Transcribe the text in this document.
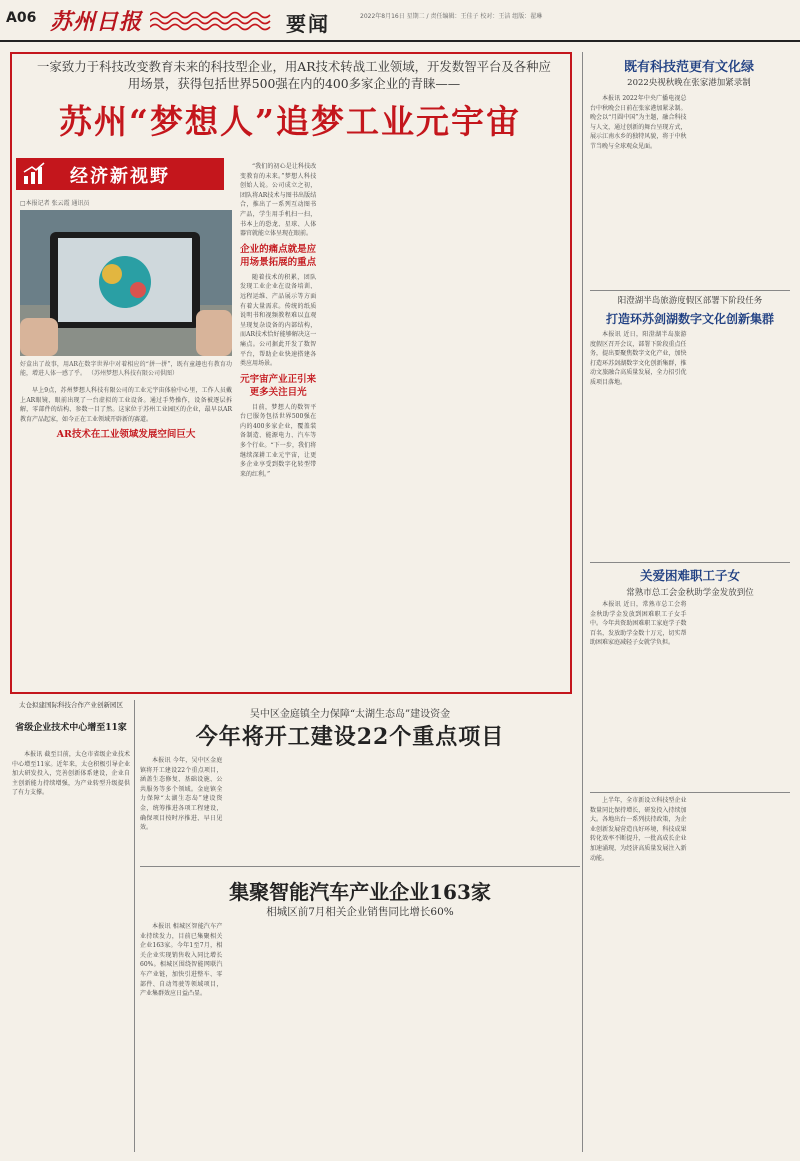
A06 苏州日报	要闻	2022年8月16日 星期二 / 责任编辑：王佳子 校对：王洁 组版：翟琳
一家致力于科技改变教育未来的科技型企业，用AR技术转战工业领域，开发数智平台及各种应用场景，获得包括世界500强在内的400多家企业的青睐——
苏州“梦想人”追梦工业元宇宙
经济新视野
□本报记者 张云霞 通讯员
好盒出了故事，用AR在数字世界中对着相应的“拼一拼”，既有童趣也有教育功能，增进人体一感了乎。 （苏州梦想人科技有限公司供图）

早上9点，苏州梦想人科技有限公司的工业元宇宙体验中心里，工作人员戴上AR眼镜，眼前出现了一台虚拟的工业设备。通过手势操作，设备被逐层拆解，零部件的结构、参数一目了然。这家位于苏州工业园区的企业，最早以AR教育产品起家，如今正在工业领域开辟新的赛道。

AR技术在工业领域发展空间巨大

“我们的初心是让科技改变教育的未来。”梦想人科技创始人说。公司成立之初，团队将AR技术与图书出版结合，推出了一系列互动图书产品，学生用手机扫一扫，书本上的恐龙、星球、人体器官就能立体呈现在眼前。

企业的痛点就是应用场景拓展的重点

随着技术的积累，团队发现工业企业在设备培训、远程运维、产品展示等方面有着大量需求。传统的纸质说明书和视频教程难以直观呈现复杂设备的内部结构，而AR技术恰好能够解决这一痛点。公司据此开发了数智平台，帮助企业快速搭建各类应用场景。

元宇宙产业正引来更多关注目光

目前，梦想人的数智平台已服务包括世界500强在内的400多家企业，覆盖装备制造、能源电力、汽车等多个行业。“下一步，我们将继续深耕工业元宇宙，让更多企业享受到数字化转型带来的红利。”

既有科技范更有文化绿
2022央视秋晚在张家港加紧录制

本报讯 2022年中央广播电视总台中秋晚会日前在张家港加紧录制。晚会以“月圆中国”为主题，融合科技与人文，通过创新的舞台呈现方式，展示江南水乡的独特风貌，将于中秋节当晚与全球观众见面。

阳澄湖半岛旅游度假区部署下阶段任务
打造环苏剑湖数字文化创新集群

本报讯 近日，阳澄湖半岛旅游度假区召开会议，部署下阶段重点任务，提出要聚焦数字文化产业，加快打造环苏剑湖数字文化创新集群，推动文旅融合高质量发展，全力招引优质项目落地。

关爱困难职工子女
常熟市总工会金秋助学金发放到位

本报讯 近日，常熟市总工会将金秋助学金发放到困难职工子女手中。今年共资助困难职工家庭学子数百名，发放助学金数十万元，切实帮助困难家庭减轻子女就学负担。

上半年，全市新设立科技型企业数量同比保持增长，研发投入持续加大。各地出台一系列扶持政策，为企业创新发展营造良好环境，科技成果转化效率不断提升，一批高成长企业加速涌现，为经济高质量发展注入新动能。

太仓拟建国际科技合作产业创新园区
省级企业技术中心增至11家

本报讯 截至目前，太仓市省级企业技术中心增至11家。近年来，太仓积极引导企业加大研发投入，完善创新体系建设，企业自主创新能力持续增强，为产业转型升级提供了有力支撑。

吴中区金庭镇全力保障“太湖生态岛”建设资金
今年将开工建设22个重点项目

本报讯 今年，吴中区金庭镇将开工建设22个重点项目，涵盖生态修复、基础设施、公共服务等多个领域。金庭镇全力保障“太湖生态岛”建设资金，统筹推进各项工程建设，确保项目按时序推进、早日见效。

集聚智能汽车产业企业163家
相城区前7月相关企业销售同比增长60%

本报讯 相城区智能汽车产业持续发力，目前已集聚相关企业163家。今年1至7月，相关企业实现销售收入同比增长60%。相城区围绕智能网联汽车产业链，加快引进整车、零部件、自动驾驶等领域项目，产业集群效应日益凸显。
